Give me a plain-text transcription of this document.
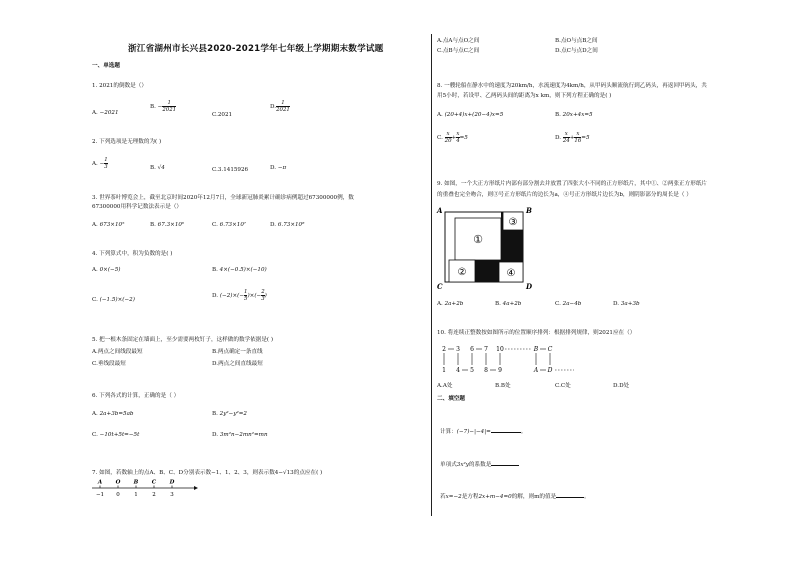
浙江省湖州市长兴县2020-2021学年七年级上学期期末数学试题
一、单选题
1. 2021的倒数是（）
A. −2021
B. − $\frac{1}{2021}$
C.2021
D. $\frac{1}{2021}$
2. 下列选项是无理数的为( )
A. − $\frac{1}{3}$	B. √4	C.3.1415926	D. −π
3. 世界茶叶博览会上，截至北京时间2020年12月7日，全球新冠肺炎累计确诊病例超过67300000例，数
67300000用科学记数法表示是（）
A. 673×10⁵	B. 67.3×10⁶	C. 6.73×10⁷	D. 6.73×10⁸
4. 下列算式中，积为负数的是( )
A. 0×(−5)	B. 4×(−0.5)×(−10)
C. (−1.5)×(−2)
D. $(-2)\times(- \frac{1}{5}$ )×(− $\frac{2}{3}$ )
5. 把一根木条固定在墙面上，至少需要两枚钉子，这样做的数学依据是( )
A.两点之间线段最短	B.两点确定一条直线
C.垂线段最短	D.两点之间直线最短
6. 下列各式的计算，正确的是（ ）
A. 2a+3b=5ab	B. 2y²−y²=2
C. −10t+5t=−5t	D. 3m²n−2mn²=mn
7. 如图，若数轴上的点A、B、C、D分别表示数−1、1、2、3，则表示数4−√13的点应在( )
A
−1
O
0
B
1
C
2
D
3
A.点A与点O之间	B.点O与点B之间
C.点B与点C之间	D.点C与点D之间
8. 一艘轮船在静水中的速度为20km/h，水流速度为4km/h，从甲码头顺流航行到乙码头，再返回甲码头，共
用5小时，若设甲、乙两码头间的距离为x km，则下列方程正确的是( )
A. (20+4)x+(20−4)x=5	B. 20x+4x=5
C. $\frac{x}{20} + \frac{x}{4} =5$	D. $\frac{x}{24} + \frac{x}{16} =5$
9. 如图，一个大正方形纸片内部有部分割去并放置了四张大小不同的正方形纸片，其中①、②两张正方形纸片
的重叠也完全吻合，则③号正方形纸片的边长为a，④号正方形纸片边长为b，则阴影部分的周长是（ ）
①
②
③
④
A	B
C	D
A. 2a+2b	B. 4a+2b	C. 2a−4b	D. 3a+3b
10. 将连续正整数按如图所示的位置顺序排列：根据排列规律，则2021应在（）
2 3 6 7 10	B C
1 4 5 8 9	A D
A.A处	B.B处	C.C处	D.D处
二、填空题
计算：(−7)−|−4|=	。
单项式3x²y的系数是
若x=−2是方程2x+m−4=0的解，则m的值是	。
